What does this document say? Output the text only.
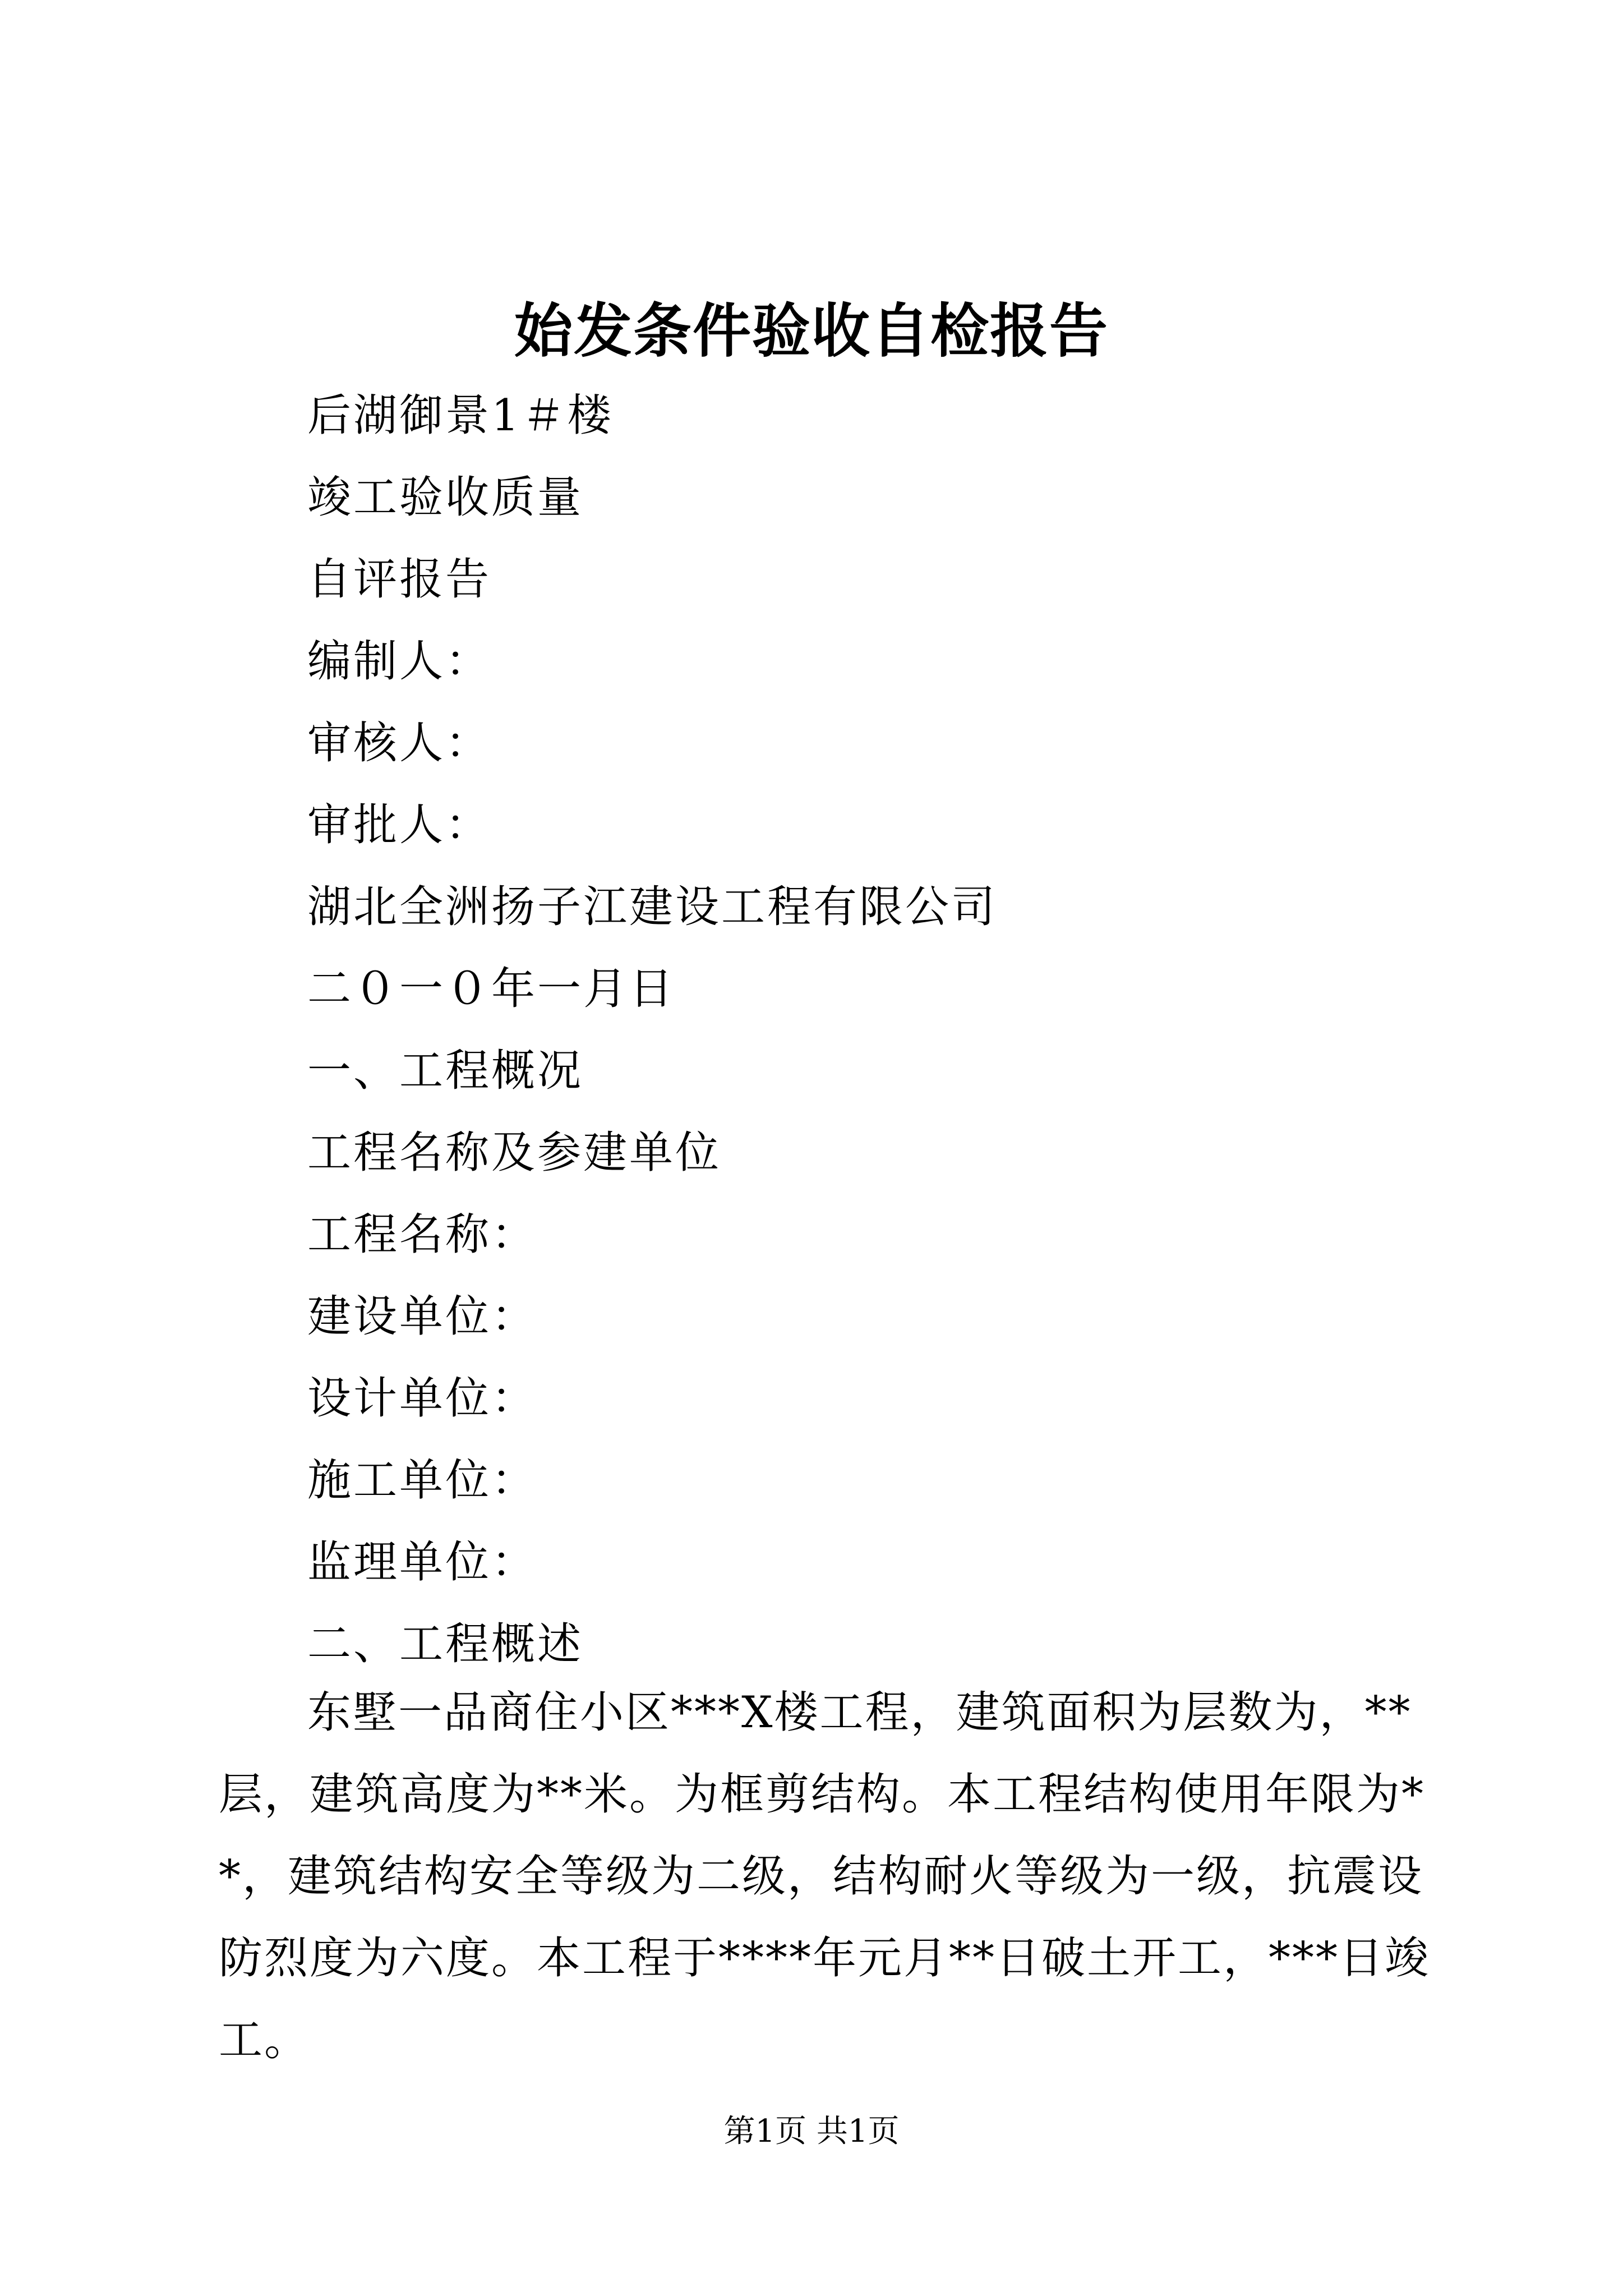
始发条件验收自检报告
后湖御景1＃楼
竣工验收质量
自评报告
编制人：
审核人：
审批人：
湖北全洲扬子江建设工程有限公司
二０一０年一月日
一、工程概况
工程名称及参建单位
工程名称：
建设单位：
设计单位：
施工单位：
监理单位：
二、工程概述
东墅一品商住小区***X楼工程，建筑面积为层数为，**层，建筑高度为**米。为框剪结构。本工程结构使用年限为**，建筑结构安全等级为二级，结构耐火等级为一级，抗震设防烈度为六度。本工程于****年元月**日破土开工，***日竣工。
第1页 共1页
